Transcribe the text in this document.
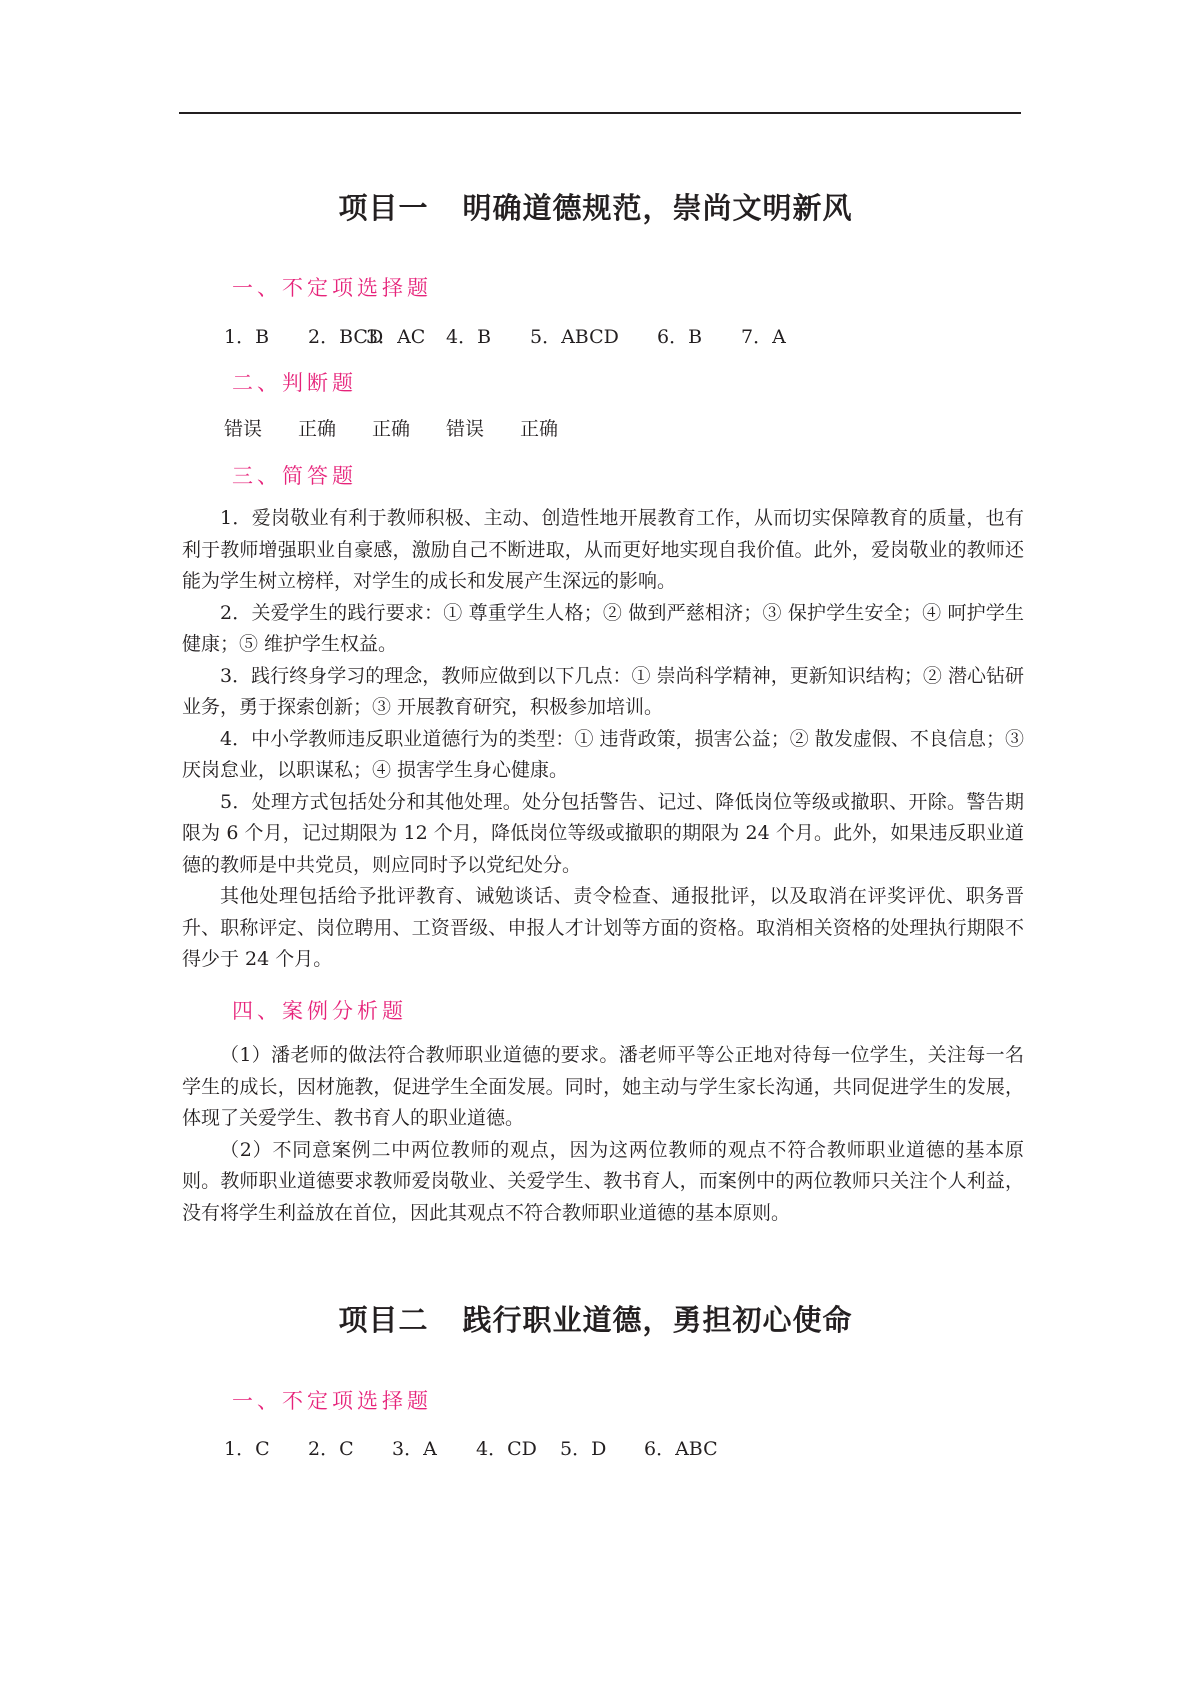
项目一 明确道德规范，崇尚文明新风
一、不定项选择题
1．B 2．BCD3．AC 4．B 5．ABCD 6．B 7．A
二、判断题
错误 正确 正确 错误 正确
三、简答题

1．爱岗敬业有利于教师积极、主动、创造性地开展教育工作，从而切实保障教育的质量，也有利于教师增强职业自豪感，激励自己不断进取，从而更好地实现自我价值。此外，爱岗敬业的教师还能为学生树立榜样，对学生的成长和发展产生深远的影响。

2．关爱学生的践行要求：① 尊重学生人格；② 做到严慈相济；③ 保护学生安全；④ 呵护学生健康；⑤ 维护学生权益。

3．践行终身学习的理念，教师应做到以下几点：① 崇尚科学精神，更新知识结构；② 潜心钻研业务，勇于探索创新；③ 开展教育研究，积极参加培训。

4．中小学教师违反职业道德行为的类型：① 违背政策，损害公益；② 散发虚假、不良信息；③ 厌岗怠业，以职谋私；④ 损害学生身心健康。

5．处理方式包括处分和其他处理。处分包括警告、记过、降低岗位等级或撤职、开除。警告期限为 6 个月，记过期限为 12 个月，降低岗位等级或撤职的期限为 24 个月。此外，如果违反职业道德的教师是中共党员，则应同时予以党纪处分。

其他处理包括给予批评教育、诫勉谈话、责令检查、通报批评，以及取消在评奖评优、职务晋升、职称评定、岗位聘用、工资晋级、申报人才计划等方面的资格。取消相关资格的处理执行期限不得少于 24 个月。

四、案例分析题

（1）潘老师的做法符合教师职业道德的要求。潘老师平等公正地对待每一位学生，关注每一名学生的成长，因材施教，促进学生全面发展。同时，她主动与学生家长沟通，共同促进学生的发展，体现了关爱学生、教书育人的职业道德。

（2）不同意案例二中两位教师的观点，因为这两位教师的观点不符合教师职业道德的基本原则。教师职业道德要求教师爱岗敬业、关爱学生、教书育人，而案例中的两位教师只关注个人利益，没有将学生利益放在首位，因此其观点不符合教师职业道德的基本原则。

项目二 践行职业道德，勇担初心使命
一、不定项选择题
1．C 2．C 3．A 4．CD 5．D 6．ABC
